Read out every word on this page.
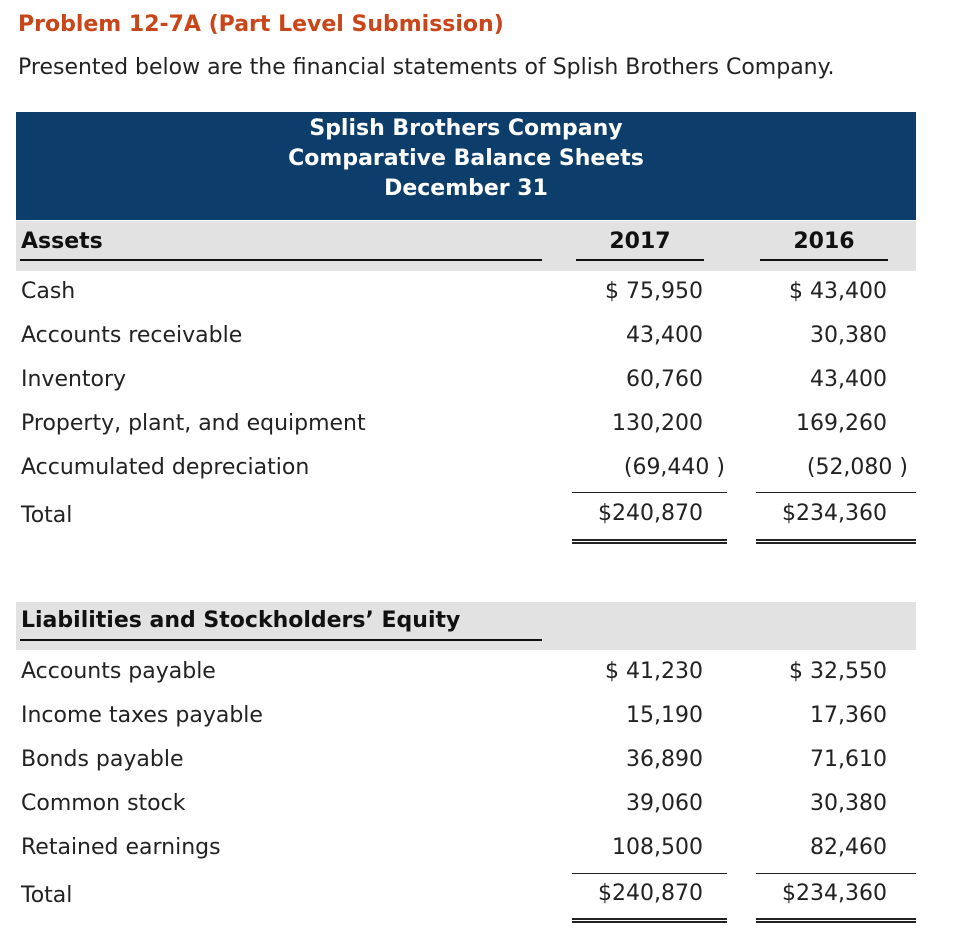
Problem 12-7A (Part Level Submission)
Presented below are the financial statements of Splish Brothers Company.
Splish Brothers Company
Comparative Balance Sheets
December 31
Assets	2017	2016
Cash	$ 75,950	$ 43,400
Accounts receivable	43,400	30,380
Inventory	60,760	43,400
Property, plant, and equipment	130,200	169,260
Accumulated depreciation	(69,440 )	(52,080 )
Total	$240,870	$234,360
Liabilities and Stockholders’ Equity
Accounts payable	$ 41,230	$ 32,550
Income taxes payable	15,190	17,360
Bonds payable	36,890	71,610
Common stock	39,060	30,380
Retained earnings	108,500	82,460
Total	$240,870	$234,360
